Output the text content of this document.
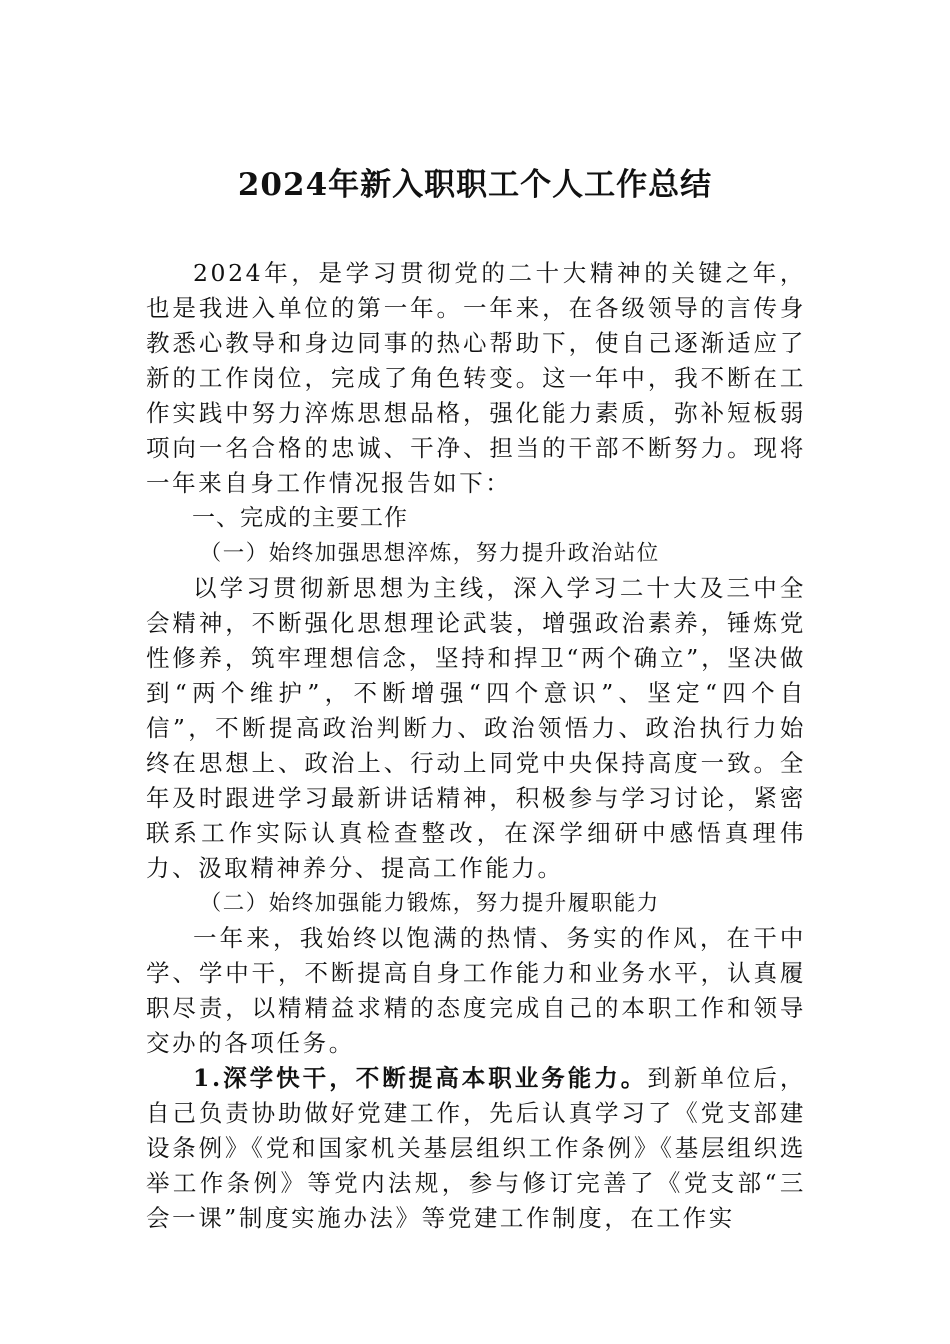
2024年新入职职工个人工作总结

2024年，是学习贯彻党的二十大精神的关键之年，也是我进入单位的第一年。一年来，在各级领导的言传身教悉心教导和身边同事的热心帮助下，使自己逐渐适应了新的工作岗位，完成了角色转变。这一年中，我不断在工作实践中努力淬炼思想品格，强化能力素质，弥补短板弱项向一名合格的忠诚、干净、担当的干部不断努力。现将一年来自身工作情况报告如下：

一、完成的主要工作

（一）始终加强思想淬炼，努力提升政治站位

以学习贯彻新思想为主线，深入学习二十大及三中全会精神，不断强化思想理论武装，增强政治素养，锤炼党性修养，筑牢理想信念，坚持和捍卫“两个确立”，坚决做到“两个维护”，不断增强“四个意识”、坚定“四个自信”，不断提高政治判断力、政治领悟力、政治执行力始终在思想上、政治上、行动上同党中央保持高度一致。全年及时跟进学习最新讲话精神，积极参与学习讨论，紧密联系工作实际认真检查整改，在深学细研中感悟真理伟力、汲取精神养分、提高工作能力。

（二）始终加强能力锻炼，努力提升履职能力

一年来，我始终以饱满的热情、务实的作风，在干中学、学中干，不断提高自身工作能力和业务水平，认真履职尽责，以精精益求精的态度完成自己的本职工作和领导交办的各项任务。

1.深学快干，不断提高本职业务能力。到新单位后，自己负责协助做好党建工作，先后认真学习了《党支部建设条例》《党和国家机关基层组织工作条例》《基层组织选举工作条例》等党内法规，参与修订完善了《党支部“三会一课”制度实施办法》等党建工作制度，在工作实
